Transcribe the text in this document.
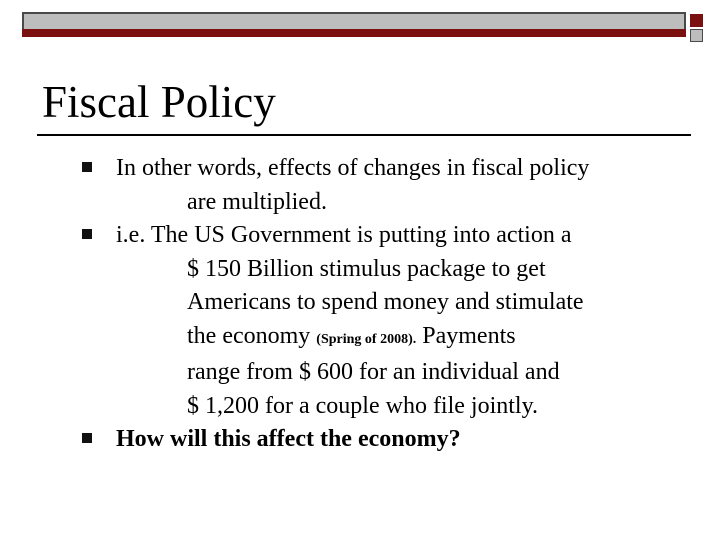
Fiscal Policy
In other words, effects of changes in fiscal policy
are multiplied.
i.e. The US Government is putting into action a
$ 150 Billion stimulus package to get
Americans to spend money and stimulate
the economy (Spring of 2008). Payments
range from $ 600 for an individual and
$ 1,200 for a couple who file jointly.
How will this affect the economy?
